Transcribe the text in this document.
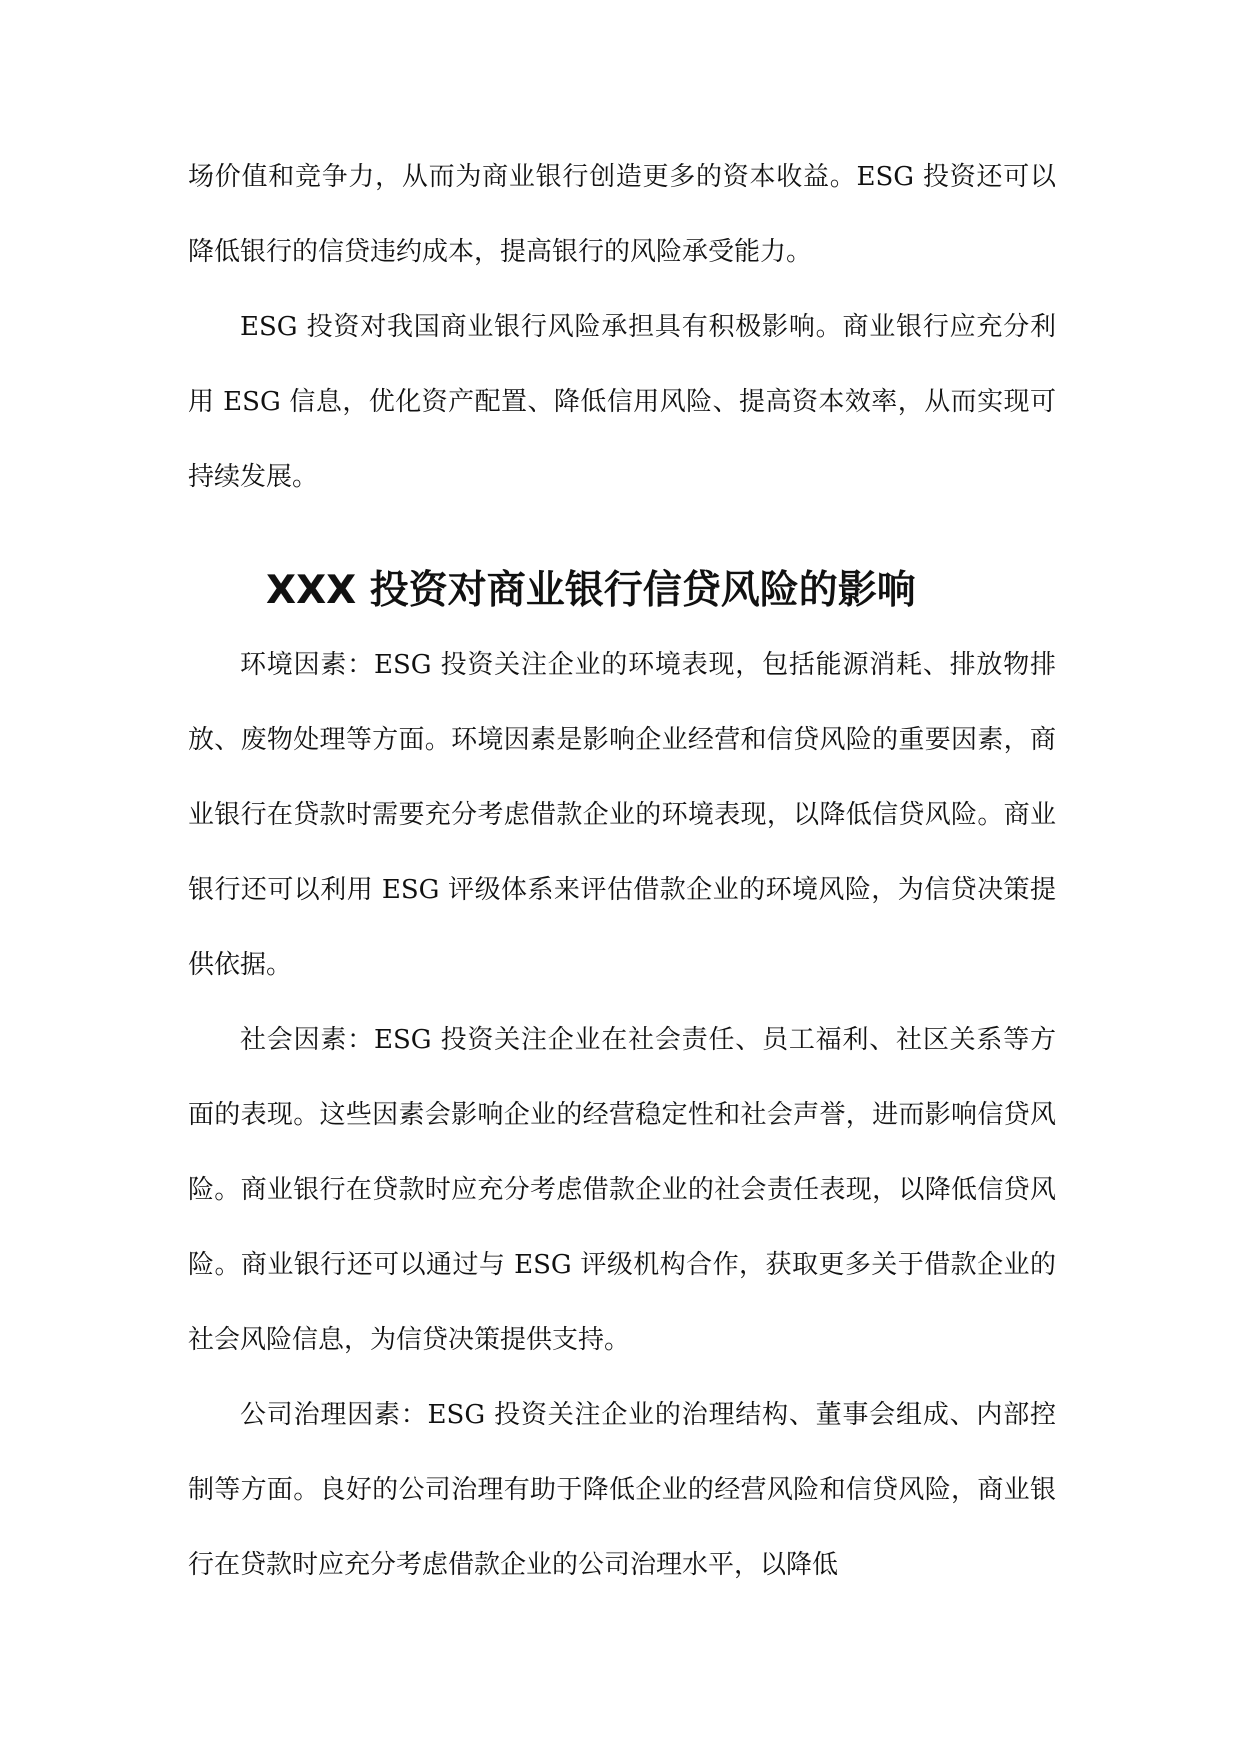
场价值和竞争力，从而为商业银行创造更多的资本收益。ESG 投资还可以降低银行的信贷违约成本，提高银行的风险承受能力。

ESG 投资对我国商业银行风险承担具有积极影响。商业银行应充分利用 ESG 信息，优化资产配置、降低信用风险、提高资本效率，从而实现可持续发展。

XXX 投资对商业银行信贷风险的影响

环境因素：ESG 投资关注企业的环境表现，包括能源消耗、排放物排放、废物处理等方面。环境因素是影响企业经营和信贷风险的重要因素，商业银行在贷款时需要充分考虑借款企业的环境表现，以降低信贷风险。商业银行还可以利用 ESG 评级体系来评估借款企业的环境风险，为信贷决策提供依据。

社会因素：ESG 投资关注企业在社会责任、员工福利、社区关系等方面的表现。这些因素会影响企业的经营稳定性和社会声誉，进而影响信贷风险。商业银行在贷款时应充分考虑借款企业的社会责任表现，以降低信贷风险。商业银行还可以通过与 ESG 评级机构合作，获取更多关于借款企业的社会风险信息，为信贷决策提供支持。

公司治理因素：ESG 投资关注企业的治理结构、董事会组成、内部控制等方面。良好的公司治理有助于降低企业的经营风险和信贷风险，商业银行在贷款时应充分考虑借款企业的公司治理水平，以降低
